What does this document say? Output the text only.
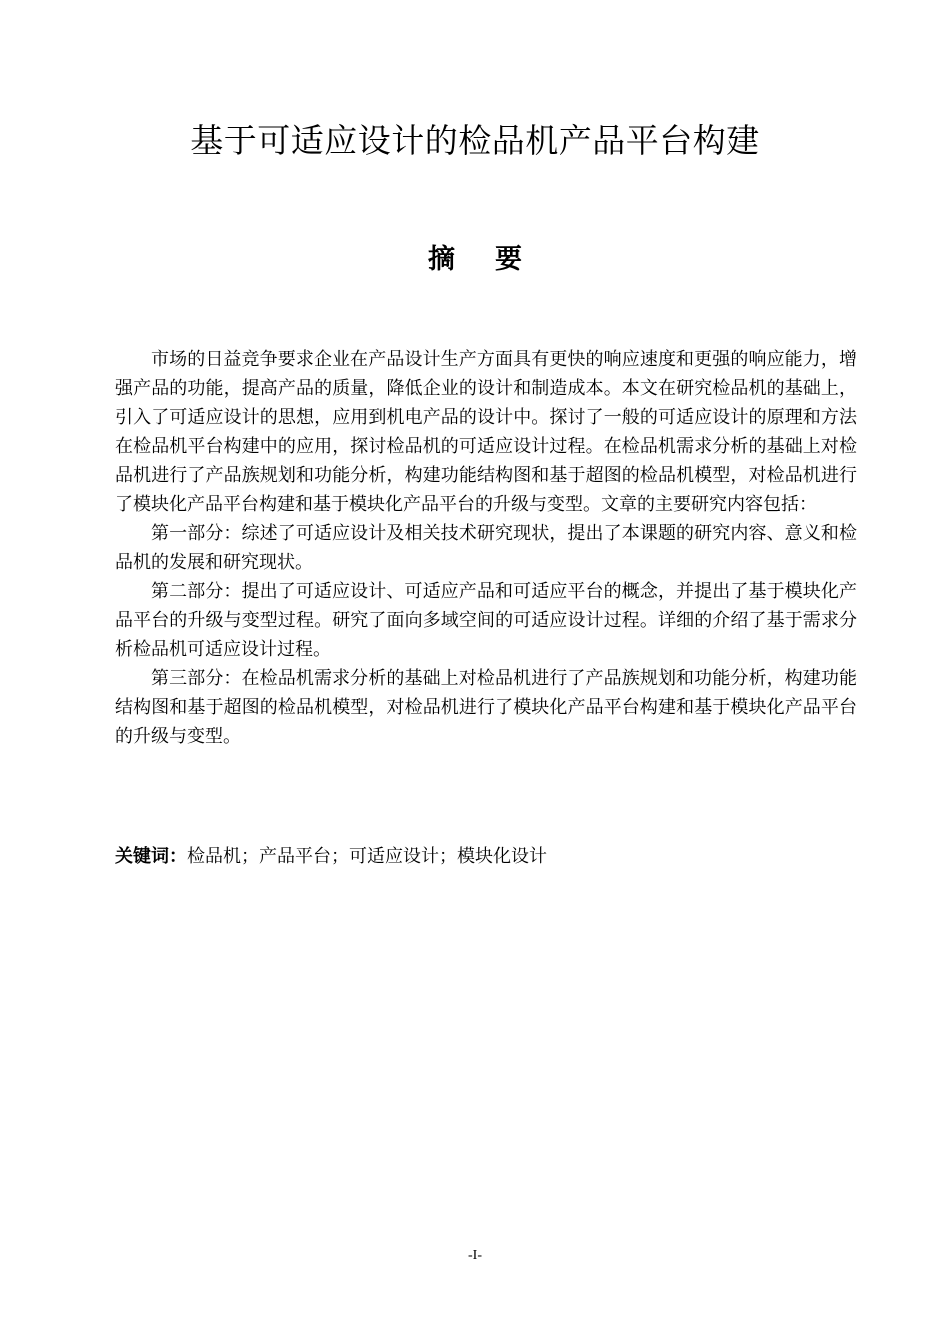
基于可适应设计的检品机产品平台构建
摘要

市场的日益竞争要求企业在产品设计生产方面具有更快的响应速度和更强的响应能力，增强产品的功能，提高产品的质量，降低企业的设计和制造成本。本文在研究检品机的基础上，引入了可适应设计的思想，应用到机电产品的设计中。探讨了一般的可适应设计的原理和方法在检品机平台构建中的应用，探讨检品机的可适应设计过程。在检品机需求分析的基础上对检品机进行了产品族规划和功能分析，构建功能结构图和基于超图的检品机模型，对检品机进行了模块化产品平台构建和基于模块化产品平台的升级与变型。文章的主要研究内容包括：

第一部分：综述了可适应设计及相关技术研究现状，提出了本课题的研究内容、意义和检品机的发展和研究现状。

第二部分：提出了可适应设计、可适应产品和可适应平台的概念，并提出了基于模块化产品平台的升级与变型过程。研究了面向多域空间的可适应设计过程。详细的介绍了基于需求分析检品机可适应设计过程。

第三部分：在检品机需求分析的基础上对检品机进行了产品族规划和功能分析，构建功能结构图和基于超图的检品机模型，对检品机进行了模块化产品平台构建和基于模块化产品平台的升级与变型。

关键词：检品机；产品平台；可适应设计；模块化设计
-I-
